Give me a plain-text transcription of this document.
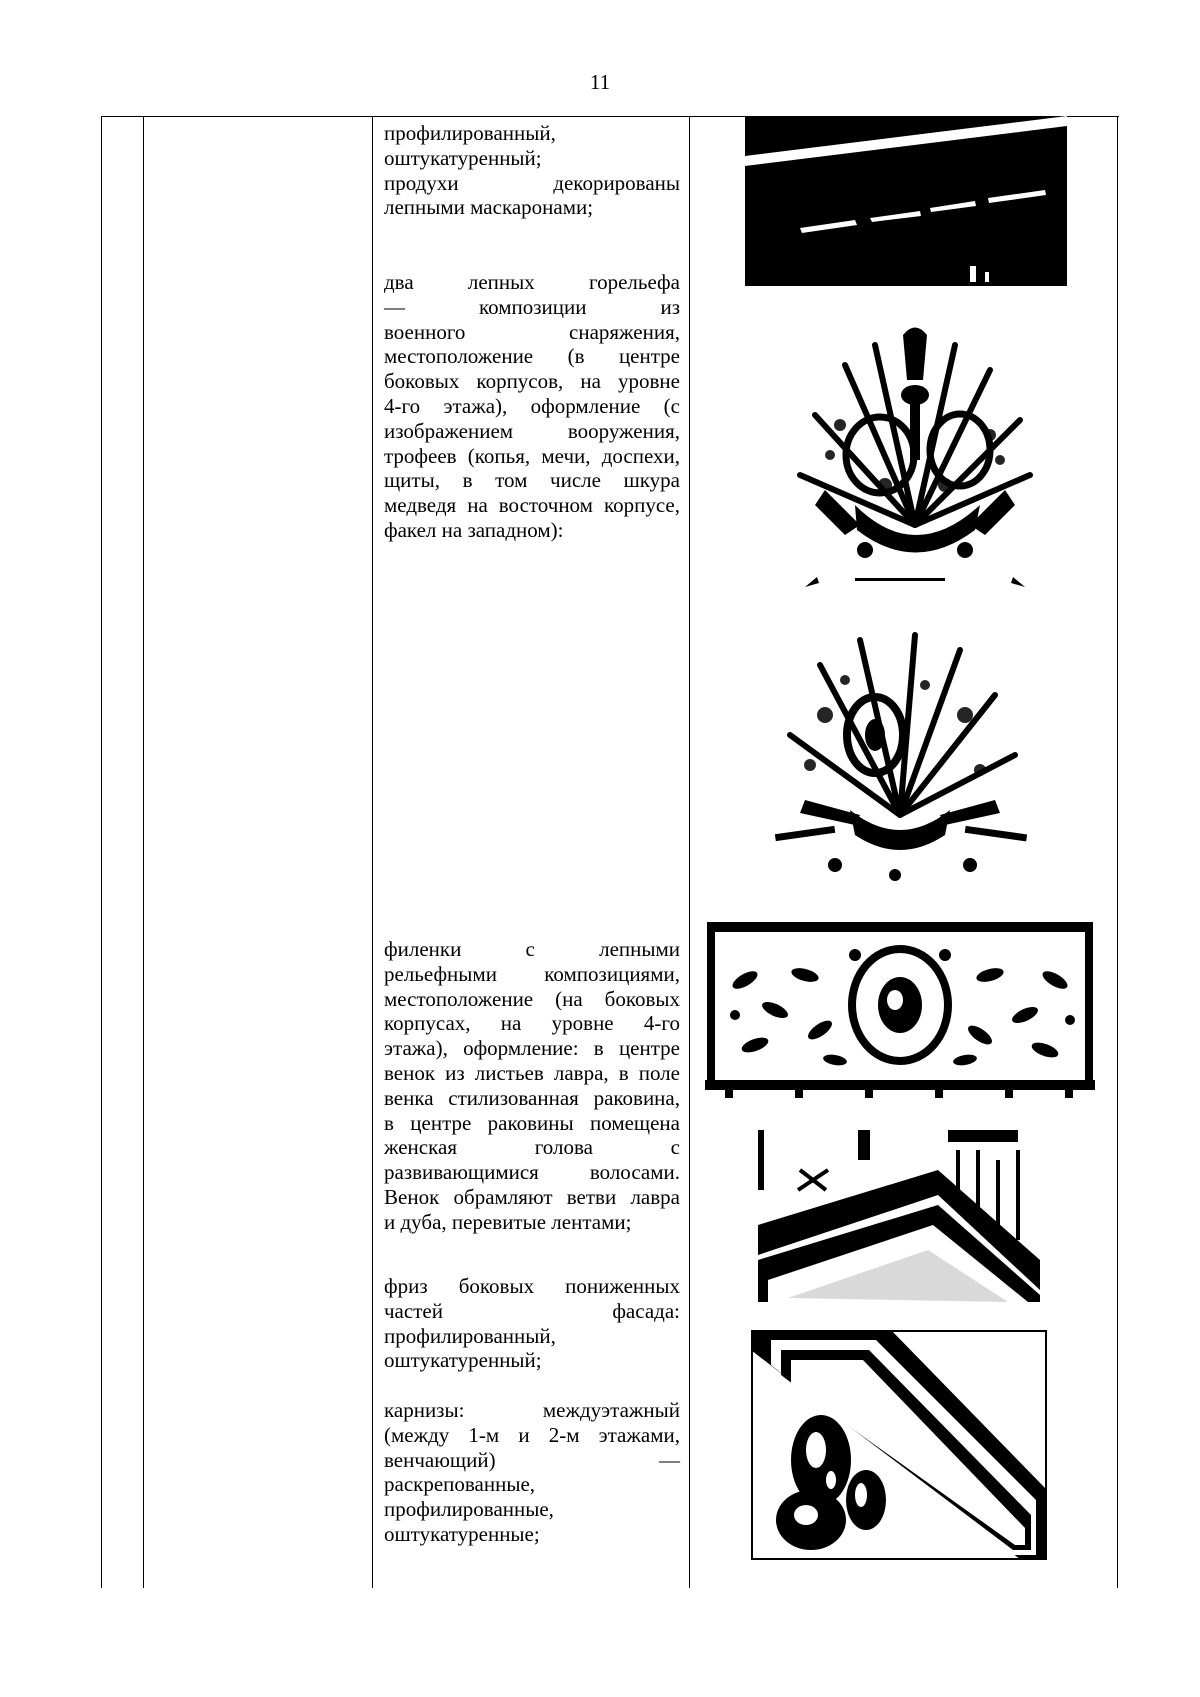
11
профилированный,
оштукатуренный;
продухи декорированы
лепными маскаронами;
два лепных горельефа
— композиции из
военного снаряжения,
местоположение (в центре
боковых корпусов, на уровне
4-го этажа), оформление (с
изображением вооружения,
трофеев (копья, мечи, доспехи,
щиты, в том числе шкура
медведя на восточном корпусе,
факел на западном):
филенки с лепными
рельефными композициями,
местоположение (на боковых
корпусах, на уровне 4-го
этажа), оформление: в центре
венок из листьев лавра, в поле
венка стилизованная раковина,
в центре раковины помещена
женская голова с
развивающимися волосами.
Венок обрамляют ветви лавра
и дуба, перевитые лентами;
фриз боковых пониженных
частей фасада:
профилированный,
оштукатуренный;
карнизы: междуэтажный
(между 1-м и 2-м этажами,
венчающий) —
раскрепованные,
профилированные,
оштукатуренные;
